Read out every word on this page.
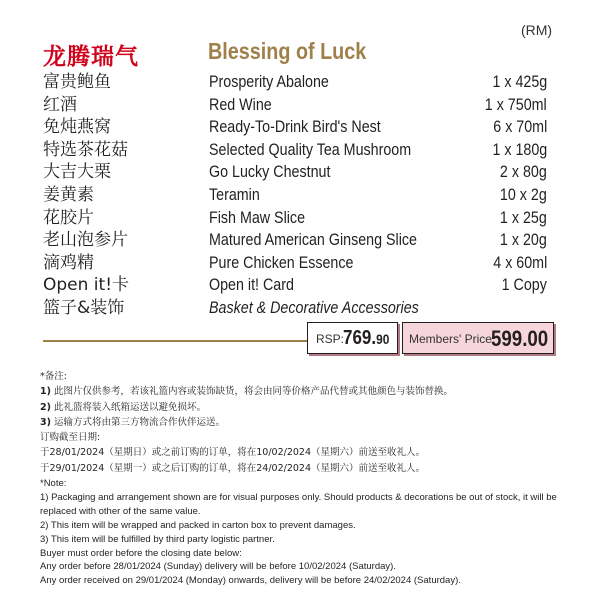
(RM)
龙腾瑞气	Blessing of Luck
富贵鲍鱼	Prosperity Abalone	1 x 425g
红酒	Red Wine	1 x 750ml
免炖燕窝	Ready-To-Drink Bird's Nest	6 x 70ml
特选茶花菇	Selected Quality Tea Mushroom	1 x 180g
大吉大栗	Go Lucky Chestnut	2 x 80g
姜黄素	Teramin	10 x 2g
花胶片	Fish Maw Slice	1 x 25g
老山泡参片	Matured American Ginseng Slice	1 x 20g
滴鸡精	Pure Chicken Essence	4 x 60ml
Open it!卡	Open it! Card	1 Copy
篮子&装饰	Basket & Decorative Accessories
RSP:
769.90 Members' Price:
599.00
*备注:
1) 此图片仅供参考，若该礼篮内容或装饰缺货，将会由同等价格产品代替或其他颜色与装饰替换。
2) 此礼篮将装入纸箱运送以避免损坏。
3) 运输方式将由第三方物流合作伙伴运送。
订购截至日期:
于28/01/2024（星期日）或之前订购的订单，将在10/02/2024（星期六）前送至收礼人。
于29/01/2024（星期一）或之后订购的订单，将在24/02/2024（星期六）前送至收礼人。
*Note:
1) Packaging and arrangement shown are for visual purposes only. Should products & decorations be out of stock, it will be replaced with other of the same value.
2) This item will be wrapped and packed in carton box to prevent damages.
3) This item will be fulfilled by third party logistic partner.
Buyer must order before the closing date below:
Any order before 28/01/2024 (Sunday) delivery will be before 10/02/2024 (Saturday).
Any order received on 29/01/2024 (Monday) onwards, delivery will be before 24/02/2024 (Saturday).
